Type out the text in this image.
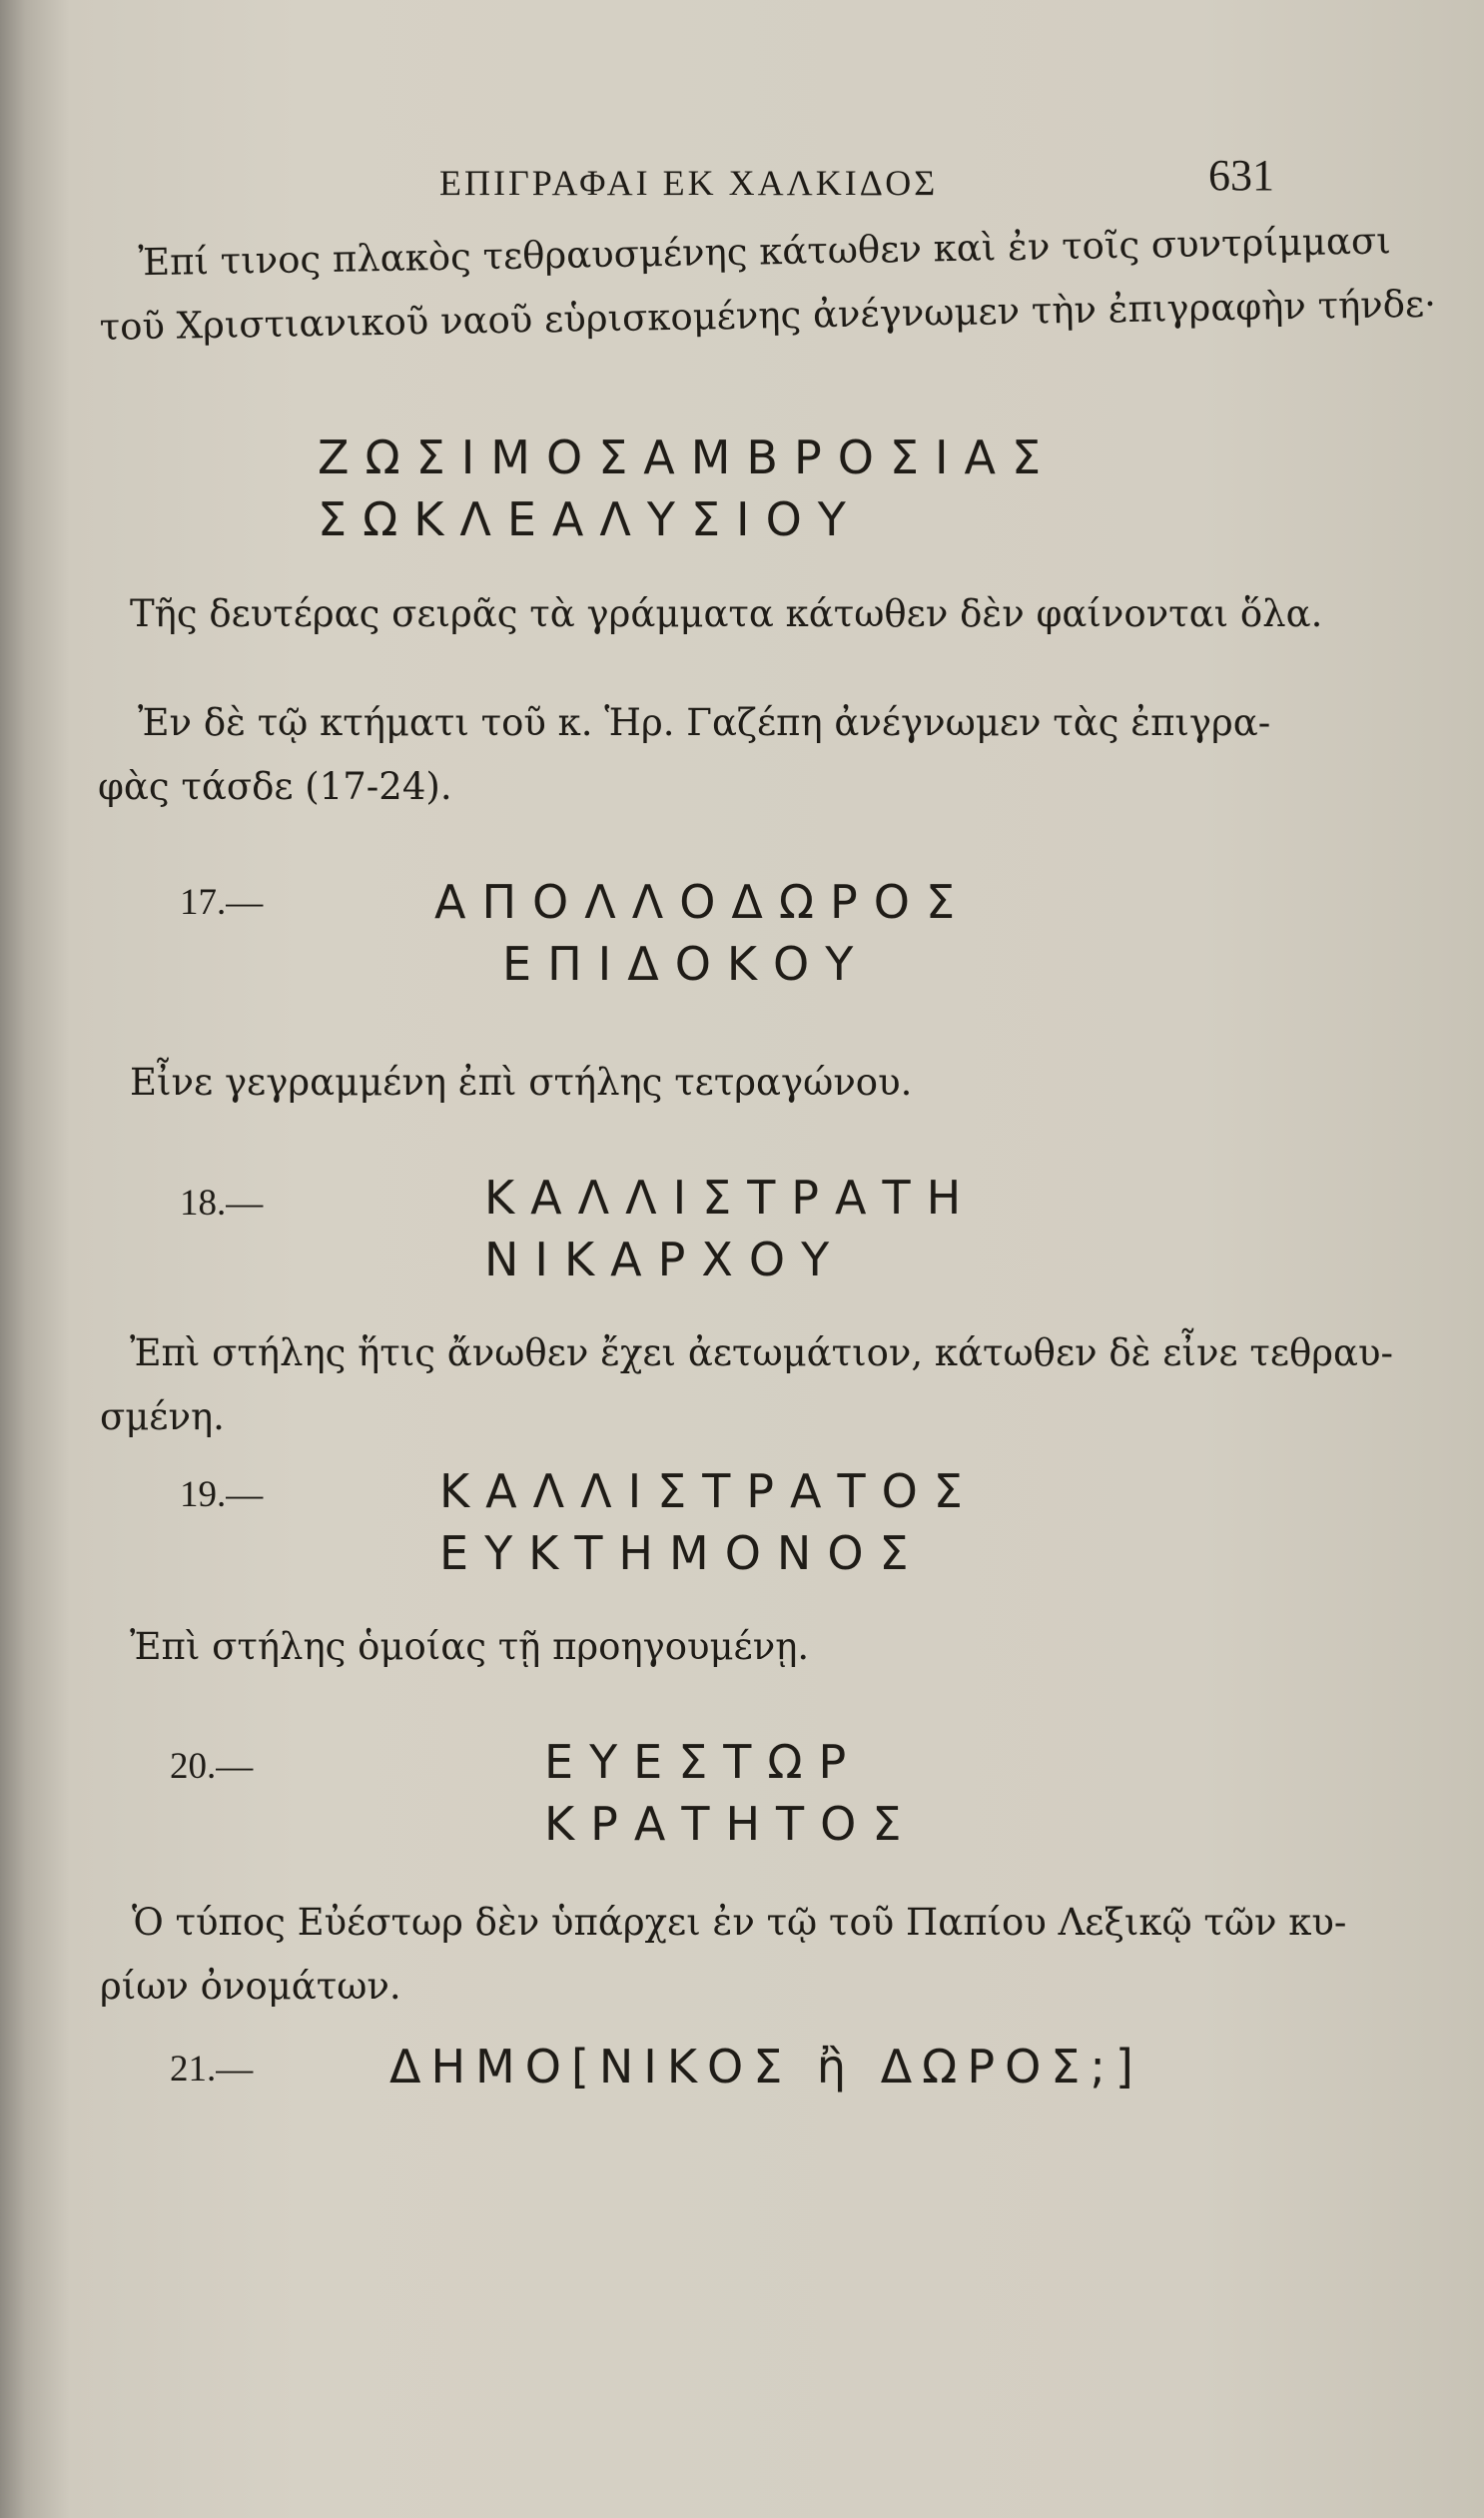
ΕΠΙΓΡΑΦΑΙ ΕΚ ΧΑΛΚΙΔΟΣ	631

Ἐπί τινος πλακὸς τεθραυσμένης κάτωθεν καὶ ἐν τοῖς συντρίμμασι
τοῦ Χριστιανικοῦ ναοῦ εὑρισκομένης ἀνέγνωμεν τὴν ἐπιγραφὴν τήνδε·

ΖΩΣΙΜΟΣΑΜΒΡΟΣΙΑΣ
ΣΩΚΛΕΑΛΥΣΙΟΥ

Τῆς δευτέρας σειρᾶς τὰ γράμματα κάτωθεν δὲν φαίνονται ὅλα.

Ἐν δὲ τῷ κτήματι τοῦ κ. Ἡρ. Γαζέπη ἀνέγνωμεν τὰς ἐπιγρα-
φὰς τάσδε (17-24).

17.—	ΑΠΟΛΛΟΔΩΡΟΣ
ΕΠΙΔΟΚΟΥ

Εἶνε γεγραμμένη ἐπὶ στήλης τετραγώνου.

18.—	ΚΑΛΛΙΣΤΡΑΤΗ
ΝΙΚΑΡΧΟΥ

Ἐπὶ στήλης ἥτις ἄνωθεν ἔχει ἀετωμάτιον, κάτωθεν δὲ εἶνε τεθραυ-
σμένη.

19.—	ΚΑΛΛΙΣΤΡΑΤΟΣ
ΕΥΚΤΗΜΟΝΟΣ

Ἐπὶ στήλης ὁμοίας τῇ προηγουμένῃ.

20.—	ΕΥΕΣΤΩΡ
ΚΡΑΤΗΤΟΣ

Ὁ τύπος Εὐέστωρ δὲν ὑπάρχει ἐν τῷ τοῦ Παπίου Λεξικῷ τῶν κυ-
ρίων ὀνομάτων.

21.—	ΔΗΜΟ[ΝΙΚΟΣ ἢ ΔΩΡΟΣ;]
